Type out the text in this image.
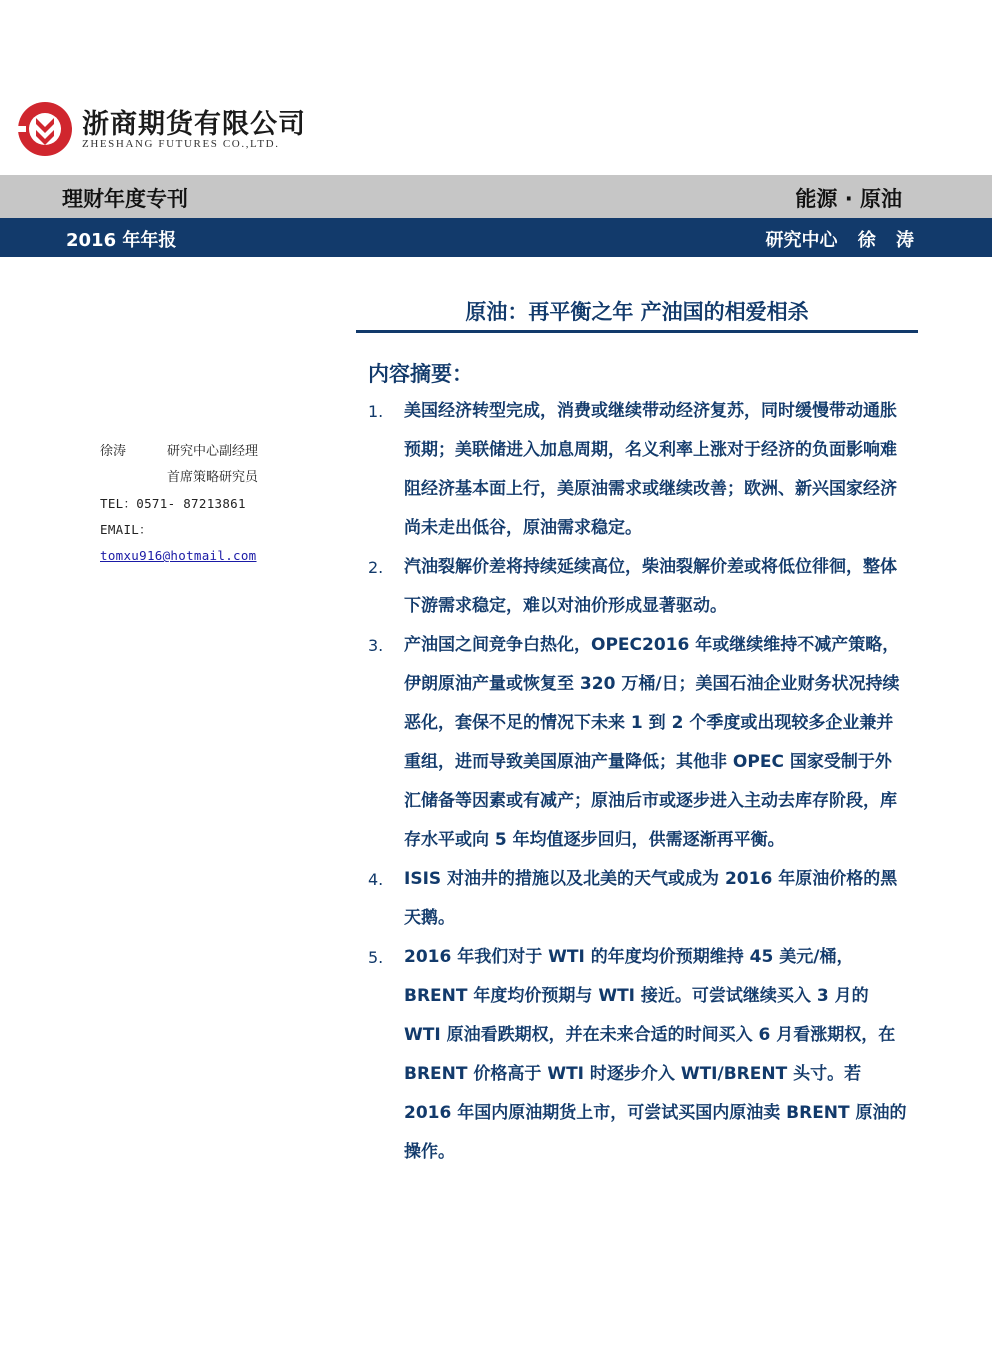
浙商期货有限公司
ZHESHANG FUTURES CO.,LTD.
理财年度专刊	能源 · 原油
2016 年年报	研究中心 徐 涛
原油：再平衡之年 产油国的相爱相杀
内容摘要：
1. 美国经济转型完成，消费或继续带动经济复苏，同时缓慢带动通胀预期；美联储进入加息周期，名义利率上涨对于经济的负面影响难阻经济基本面上行，美原油需求或继续改善；欧洲、新兴国家经济尚未走出低谷，原油需求稳定。
2. 汽油裂解价差将持续延续高位，柴油裂解价差或将低位徘徊，整体下游需求稳定，难以对油价形成显著驱动。
3. 产油国之间竞争白热化，OPEC2016 年或继续维持不减产策略，伊朗原油产量或恢复至 320 万桶/日；美国石油企业财务状况持续恶化，套保不足的情况下未来 1 到 2 个季度或出现较多企业兼并重组，进而导致美国原油产量降低；其他非 OPEC 国家受制于外汇储备等因素或有减产；原油后市或逐步进入主动去库存阶段，库存水平或向 5 年均值逐步回归，供需逐渐再平衡。
4. ISIS 对油井的措施以及北美的天气或成为 2016 年原油价格的黑天鹅。
5. 2016 年我们对于 WTI 的年度均价预期维持 45 美元/桶，BRENT 年度均价预期与 WTI 接近。可尝试继续买入 3 月的 WTI 原油看跌期权，并在未来合适的时间买入 6 月看涨期权，在 BRENT 价格高于 WTI 时逐步介入 WTI/BRENT 头寸。若 2016 年国内原油期货上市，可尝试买国内原油卖 BRENT 原油的操作。
徐涛	研究中心副经理
首席策略研究员
TEL：0571- 87213861
EMAIL：
tomxu916@hotmail.com
